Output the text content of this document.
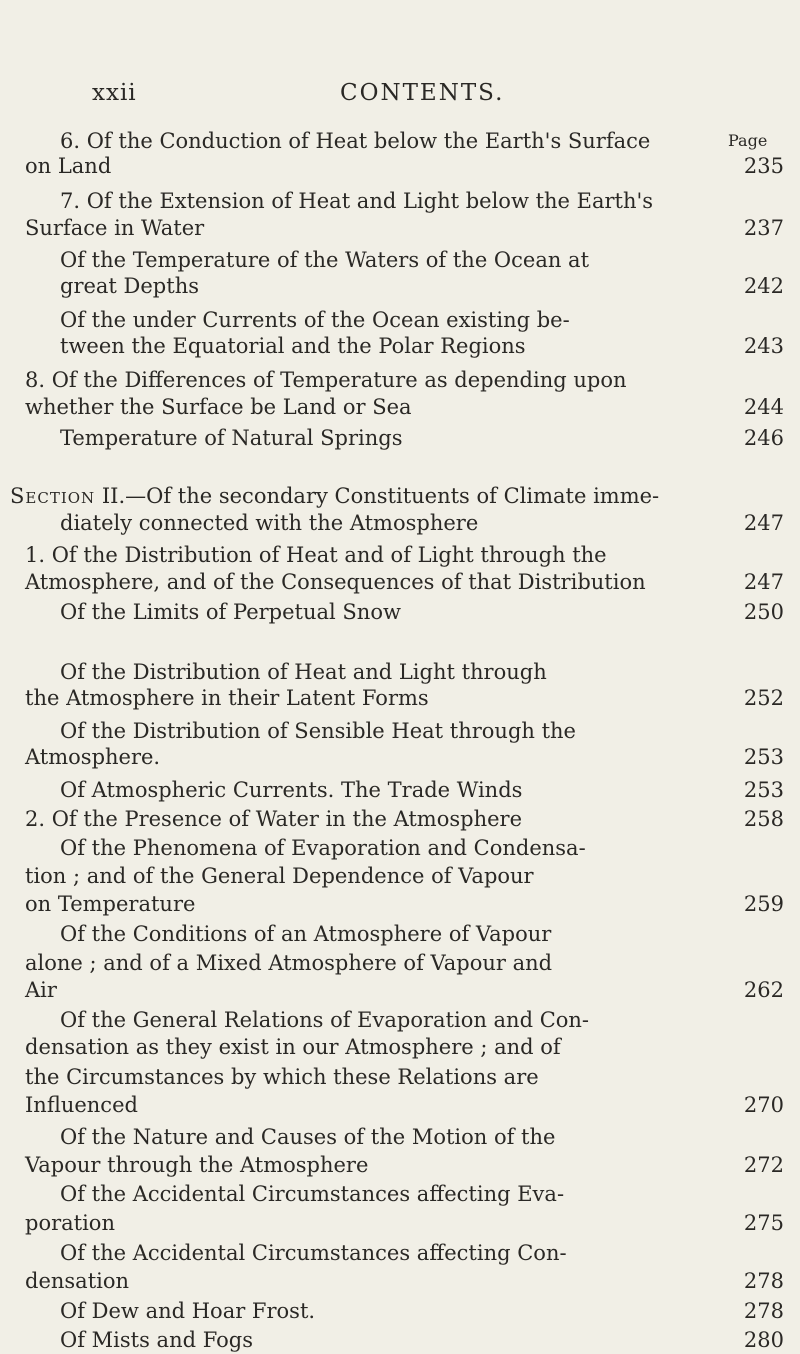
xxii	CONTENTS.
Page
6. Of the Conduction of Heat below the Earth's Surface
on Land	235
7. Of the Extension of Heat and Light below the Earth's
Surface in Water	237
Of the Temperature of the Waters of the Ocean at
great Depths	242
Of the under Currents of the Ocean existing be-
tween the Equatorial and the Polar Regions	243
8. Of the Differences of Temperature as depending upon
whether the Surface be Land or Sea	244
Temperature of Natural Springs	246
Section II.—Of the secondary Constituents of Climate imme-
diately connected with the Atmosphere	247
1. Of the Distribution of Heat and of Light through the
Atmosphere, and of the Consequences of that Distribution	247
Of the Limits of Perpetual Snow	250
Of the Distribution of Heat and Light through
the Atmosphere in their Latent Forms	252
Of the Distribution of Sensible Heat through the
Atmosphere.	253
Of Atmospheric Currents. The Trade Winds	253
2. Of the Presence of Water in the Atmosphere	258
Of the Phenomena of Evaporation and Condensa-
tion ; and of the General Dependence of Vapour
on Temperature	259
Of the Conditions of an Atmosphere of Vapour
alone ; and of a Mixed Atmosphere of Vapour and
Air	262
Of the General Relations of Evaporation and Con-
densation as they exist in our Atmosphere ; and of
the Circumstances by which these Relations are
Influenced	270
Of the Nature and Causes of the Motion of the
Vapour through the Atmosphere	272
Of the Accidental Circumstances affecting Eva-
poration	275
Of the Accidental Circumstances affecting Con-
densation	278
Of Dew and Hoar Frost.	278
Of Mists and Fogs	280
